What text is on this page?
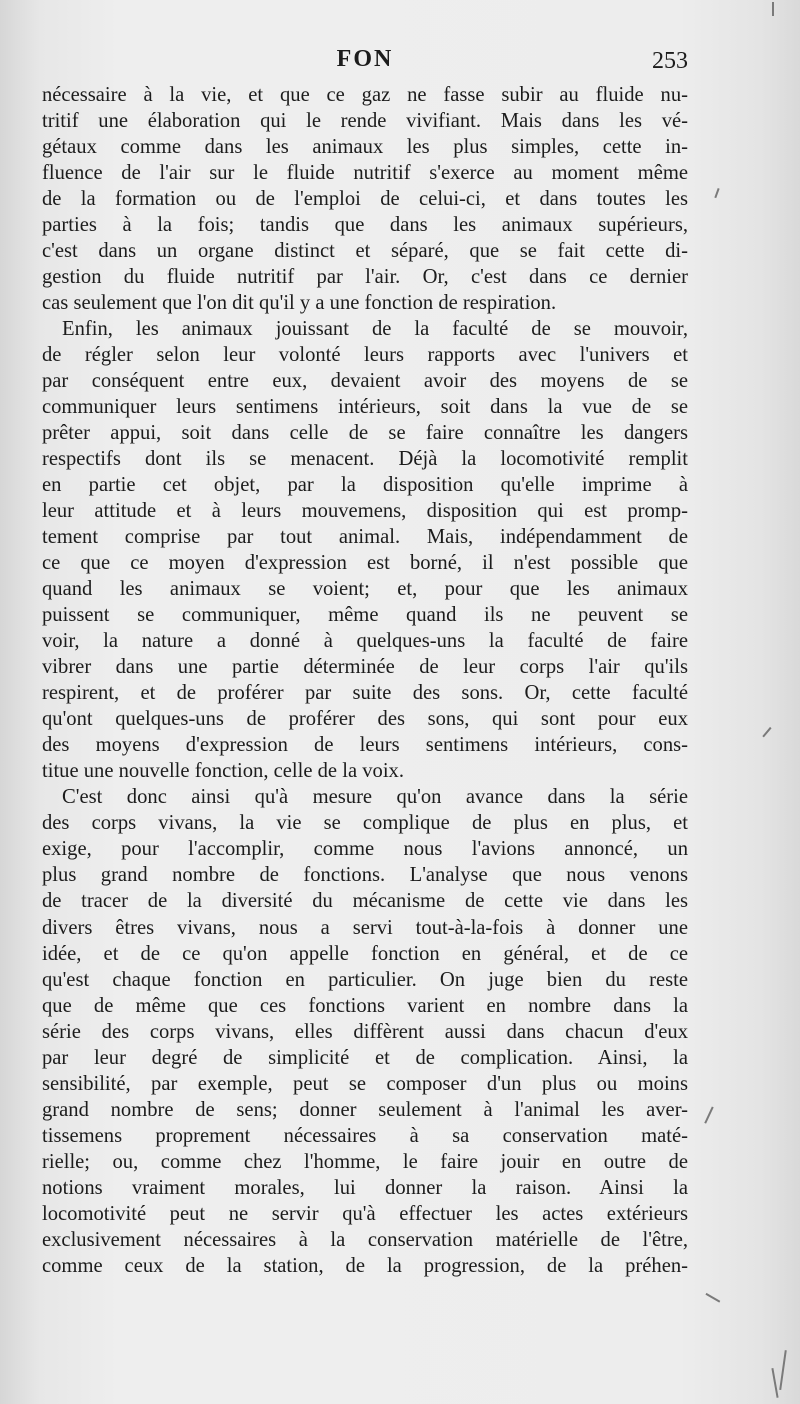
FON	253
nécessaire à la vie, et que ce gaz ne fasse subir au fluide nu-
tritif une élaboration qui le rende vivifiant. Mais dans les vé-
gétaux comme dans les animaux les plus simples, cette in-
fluence de l'air sur le fluide nutritif s'exerce au moment même
de la formation ou de l'emploi de celui-ci, et dans toutes les
parties à la fois; tandis que dans les animaux supérieurs,
c'est dans un organe distinct et séparé, que se fait cette di-
gestion du fluide nutritif par l'air. Or, c'est dans ce dernier
cas seulement que l'on dit qu'il y a une fonction de respiration.
Enfin, les animaux jouissant de la faculté de se mouvoir,
de régler selon leur volonté leurs rapports avec l'univers et
par conséquent entre eux, devaient avoir des moyens de se
communiquer leurs sentimens intérieurs, soit dans la vue de se
prêter appui, soit dans celle de se faire connaître les dangers
respectifs dont ils se menacent. Déjà la locomotivité remplit
en partie cet objet, par la disposition qu'elle imprime à
leur attitude et à leurs mouvemens, disposition qui est promp-
tement comprise par tout animal. Mais, indépendamment de
ce que ce moyen d'expression est borné, il n'est possible que
quand les animaux se voient; et, pour que les animaux
puissent se communiquer, même quand ils ne peuvent se
voir, la nature a donné à quelques-uns la faculté de faire
vibrer dans une partie déterminée de leur corps l'air qu'ils
respirent, et de proférer par suite des sons. Or, cette faculté
qu'ont quelques-uns de proférer des sons, qui sont pour eux
des moyens d'expression de leurs sentimens intérieurs, cons-
titue une nouvelle fonction, celle de la voix.
C'est donc ainsi qu'à mesure qu'on avance dans la série
des corps vivans, la vie se complique de plus en plus, et
exige, pour l'accomplir, comme nous l'avions annoncé, un
plus grand nombre de fonctions. L'analyse que nous venons
de tracer de la diversité du mécanisme de cette vie dans les
divers êtres vivans, nous a servi tout-à-la-fois à donner une
idée, et de ce qu'on appelle fonction en général, et de ce
qu'est chaque fonction en particulier. On juge bien du reste
que de même que ces fonctions varient en nombre dans la
série des corps vivans, elles diffèrent aussi dans chacun d'eux
par leur degré de simplicité et de complication. Ainsi, la
sensibilité, par exemple, peut se composer d'un plus ou moins
grand nombre de sens; donner seulement à l'animal les aver-
tissemens proprement nécessaires à sa conservation maté-
rielle; ou, comme chez l'homme, le faire jouir en outre de
notions vraiment morales, lui donner la raison. Ainsi la
locomotivité peut ne servir qu'à effectuer les actes extérieurs
exclusivement nécessaires à la conservation matérielle de l'être,
comme ceux de la station, de la progression, de la préhen-
